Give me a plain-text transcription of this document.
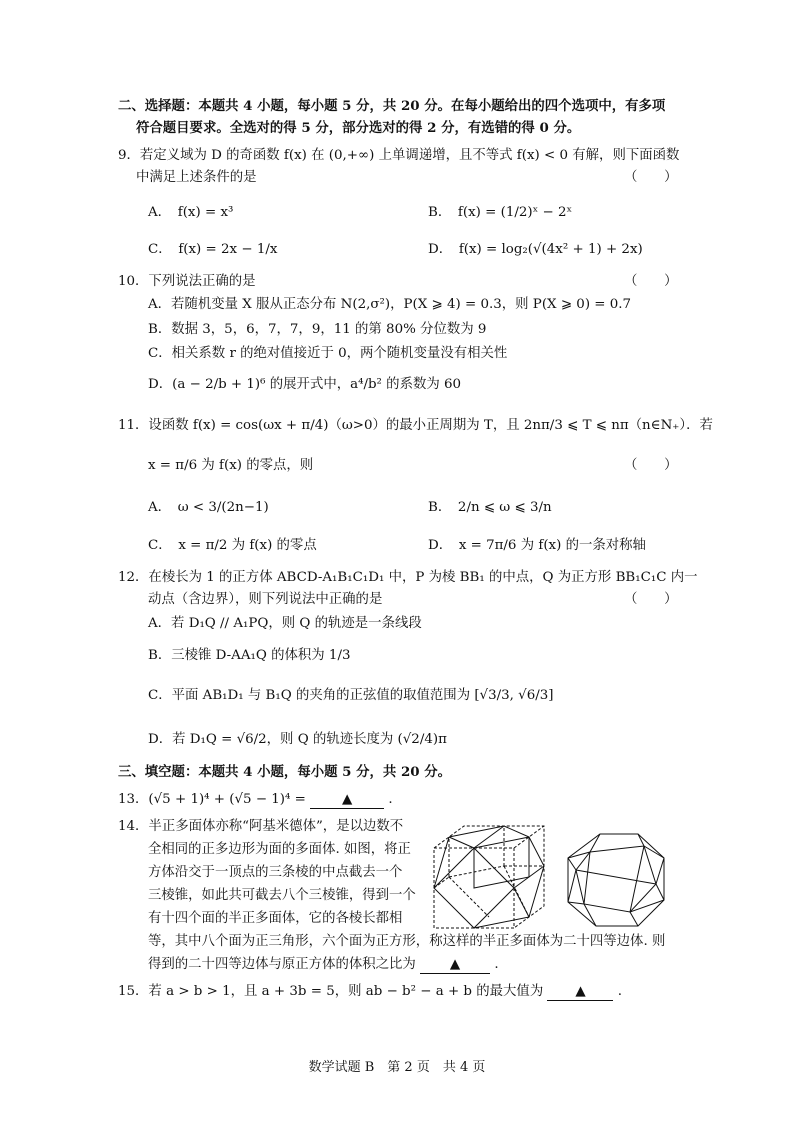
二、选择题：本题共 4 小题，每小题 5 分，共 20 分。在每小题给出的四个选项中，有多项
符合题目要求。全选对的得 5 分，部分选对的得 2 分，有选错的得 0 分。
9．若定义域为 D 的奇函数 f(x) 在 (0,+∞) 上单调递增，且不等式 f(x) < 0 有解，则下面函数
中满足上述条件的是	（　　）
A．　f(x) = x³	B．　f(x) = (1/2)ˣ − 2ˣ
C．　f(x) = 2x − 1/x	D．　f(x) = log₂(√(4x² + 1) + 2x)
10．下列说法正确的是	（　　）
A．若随机变量 X 服从正态分布 N(2,σ²)，P(X ⩾ 4) = 0.3，则 P(X ⩾ 0) = 0.7
B．数据 3，5，6，7，7，9，11 的第 80% 分位数为 9
C．相关系数 r 的绝对值接近于 0，两个随机变量没有相关性
D．(a − 2/b + 1)⁶ 的展开式中，a⁴/b² 的系数为 60
11．设函数 f(x) = cos(ωx + π/4)（ω>0）的最小正周期为 T，且 2nπ/3 ⩽ T ⩽ nπ（n∈N₊）．若
x = π/6 为 f(x) 的零点，则	（　　）
A．　ω < 3/(2n−1)	B．　2/n ⩽ ω ⩽ 3/n
C．　x = π/2 为 f(x) 的零点	D．　x = 7π/6 为 f(x) 的一条对称轴
12．在棱长为 1 的正方体 ABCD-A₁B₁C₁D₁ 中，P 为棱 BB₁ 的中点，Q 为正方形 BB₁C₁C 内一
动点（含边界），则下列说法中正确的是	（　　）
A．若 D₁Q // A₁PQ，则 Q 的轨迹是一条线段
B．三棱锥 D-AA₁Q 的体积为 1/3
C．平面 AB₁D₁ 与 B₁Q 的夹角的正弦值的取值范围为 [√3/3, √6/3]
D．若 D₁Q = √6/2，则 Q 的轨迹长度为 (√2/4)π
三、填空题：本题共 4 小题，每小题 5 分，共 20 分。
13．(√5 + 1)⁴ + (√5 − 1)⁴ =	▲	.
14．半正多面体亦称“阿基米德体”，是以边数不
全相同的正多边形为面的多面体. 如图，将正
方体沿交于一顶点的三条棱的中点截去一个
三棱锥，如此共可截去八个三棱锥，得到一个
有十四个面的半正多面体，它的各棱长都相
等，其中八个面为正三角形，六个面为正方形，称这样的半正多面体为二十四等边体. 则
得到的二十四等边体与原正方体的体积之比为	▲	.
15．若 a > b > 1，且 a + 3b = 5，则 ab − b² − a + b 的最大值为 ▲ .
数学试题 B　第 2 页　共 4 页
